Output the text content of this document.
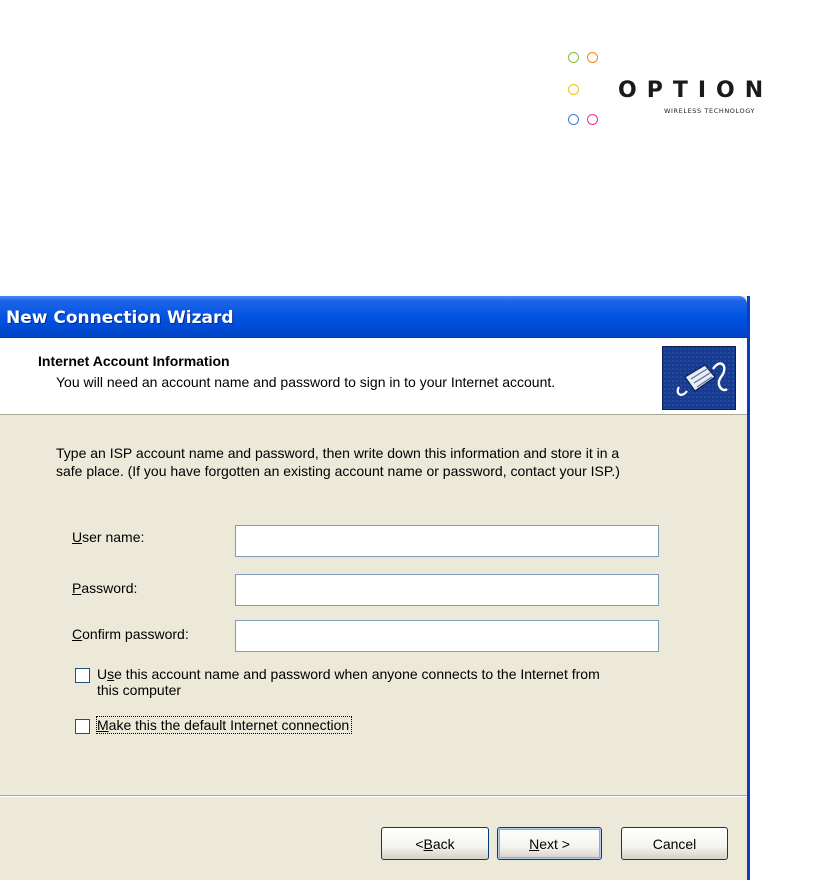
OPTION
WIRELESS TECHNOLOGY
New Connection Wizard
Internet Account Information
You will need an account name and password to sign in to your Internet account.
Type an ISP account name and password, then write down this information and store it in a
safe place. (If you have forgotten an existing account name or password, contact your ISP.)
User name:
Password:
Confirm password:
Use this account name and password when anyone connects to the Internet from
this computer
Make this the default Internet connection
< B ack	N ext >	Cancel
